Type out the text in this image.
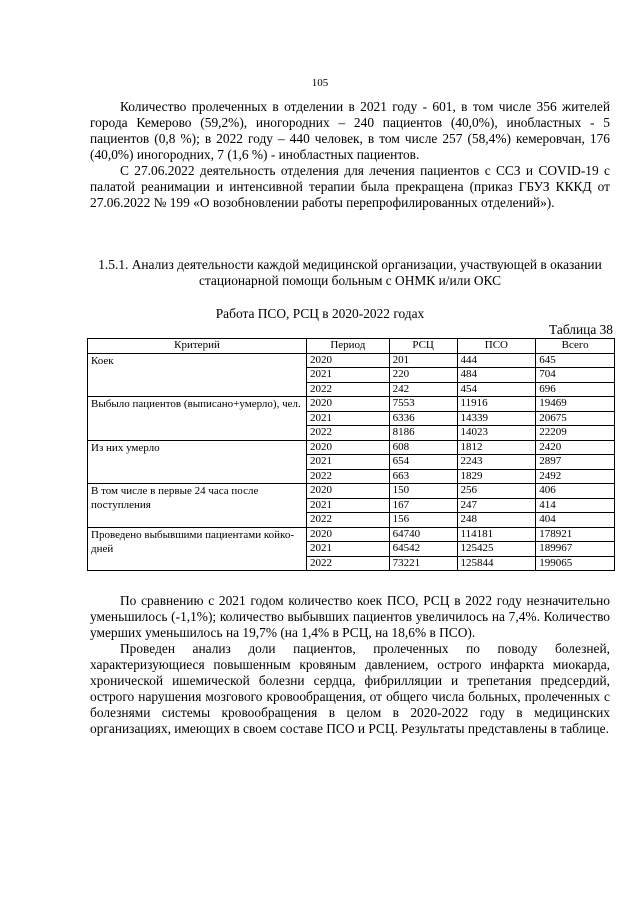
105

Количество пролеченных в отделении в 2021 году - 601, в том числе 356 жителей города Кемерово (59,2%), иногородних – 240 пациентов (40,0%), инобластных - 5 пациентов (0,8 %); в 2022 году – 440 человек, в том числе 257 (58,4%) кемеровчан, 176 (40,0%) иногородних, 7 (1,6 %) - инобластных пациентов.

С 27.06.2022 деятельность отделения для лечения пациентов с ССЗ и COVID-19 с палатой реанимации и интенсивной терапии была прекращена (приказ ГБУЗ КККД от 27.06.2022 № 199 «О возобновлении работы перепрофилированных отделений»).

1.5.1. Анализ деятельности каждой медицинской организации, участвующей в оказании стационарной помощи больным с ОНМК и/или ОКС

Работа ПСО, РСЦ в 2020-2022 годах
Таблица 38
Критерий	Период	РСЦ	ПСО	Всего
Коек	2020	201	444	645
	2021	220	484	704
	2022	242	454	696
Выбыло пациентов (выписано+умерло), чел.	2020	7553	11916	19469
	2021	6336	14339	20675
	2022	8186	14023	22209
Из них умерло	2020	608	1812	2420
	2021	654	2243	2897
	2022	663	1829	2492
В том числе в первые 24 часа после поступления	2020	150	256	406
	2021	167	247	414
	2022	156	248	404
Проведено выбывшими пациентами койко-дней	2020	64740	114181	178921
	2021	64542	125425	189967
	2022	73221	125844	199065

По сравнению с 2021 годом количество коек ПСО, РСЦ в 2022 году незначительно уменьшилось (-1,1%); количество выбывших пациентов увеличилось на 7,4%. Количество умерших уменьшилось на 19,7% (на 1,4% в РСЦ, на 18,6% в ПСО).

Проведен анализ доли пациентов, пролеченных по поводу болезней, характеризующиеся повышенным кровяным давлением, острого инфаркта миокарда, хронической ишемической болезни сердца, фибрилляции и трепетания предсердий, острого нарушения мозгового кровообращения, от общего числа больных, пролеченных с болезнями системы кровообращения в целом в 2020-2022 году в медицинских организациях, имеющих в своем составе ПСО и РСЦ. Результаты представлены в таблице.
